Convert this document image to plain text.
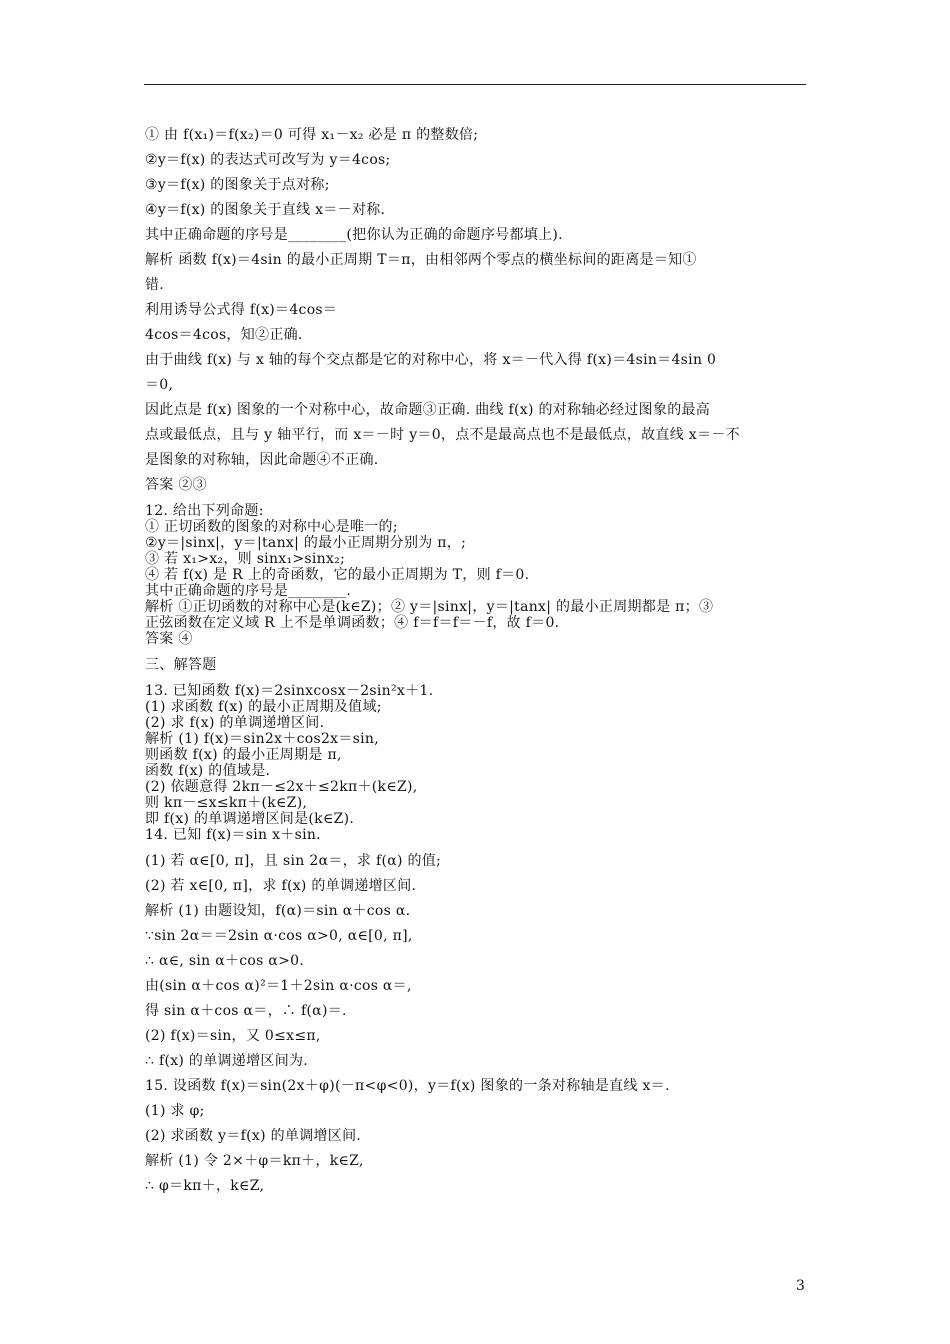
① 由 f(x₁)＝f(x₂)＝0 可得 x₁－x₂ 必是 π 的整数倍;
②y＝f(x) 的表达式可改写为 y＝4cos;
③y＝f(x) 的图象关于点对称;
④y＝f(x) 的图象关于直线 x＝－对称.
其中正确命题的序号是________(把你认为正确的命题序号都填上).
解析 函数 f(x)＝4sin 的最小正周期 T＝π，由相邻两个零点的横坐标间的距离是＝知①
错.
利用诱导公式得 f(x)＝4cos＝
4cos＝4cos，知②正确.
由于曲线 f(x) 与 x 轴的每个交点都是它的对称中心，将 x＝－代入得 f(x)＝4sin＝4sin 0
＝0,
因此点是 f(x) 图象的一个对称中心，故命题③正确. 曲线 f(x) 的对称轴必经过图象的最高
点或最低点，且与 y 轴平行，而 x＝－时 y＝0，点不是最高点也不是最低点，故直线 x＝－不
是图象的对称轴，因此命题④不正确.
答案 ②③
12. 给出下列命题:
① 正切函数的图象的对称中心是唯一的;
②y＝|sinx|，y＝|tanx| 的最小正周期分别为 π，;
③ 若 x₁>x₂，则 sinx₁>sinx₂;
④ 若 f(x) 是 R 上的奇函数，它的最小正周期为 T，则 f＝0.
其中正确命题的序号是________.
解析 ①正切函数的对称中心是(k∈Z)；② y＝|sinx|，y＝|tanx| 的最小正周期都是 π；③
正弦函数在定义域 R 上不是单调函数；④ f＝f＝f＝－f，故 f＝0.
答案 ④
三、解答题
13. 已知函数 f(x)＝2sinxcosx－2sin²x＋1.
(1) 求函数 f(x) 的最小正周期及值域;
(2) 求 f(x) 的单调递增区间.
解析 (1) f(x)＝sin2x＋cos2x＝sin,
则函数 f(x) 的最小正周期是 π,
函数 f(x) 的值域是.
(2) 依题意得 2kπ－≤2x＋≤2kπ＋(k∈Z),
则 kπ－≤x≤kπ＋(k∈Z),
即 f(x) 的单调递增区间是(k∈Z).
14. 已知 f(x)＝sin x＋sin.
(1) 若 α∈[0, π]，且 sin 2α＝，求 f(α) 的值;
(2) 若 x∈[0, π]，求 f(x) 的单调递增区间.
解析 (1) 由题设知，f(α)＝sin α＋cos α.
∵sin 2α＝＝2sin α·cos α>0, α∈[0, π],
∴ α∈, sin α＋cos α>0.
由(sin α＋cos α)²＝1＋2sin α·cos α＝,
得 sin α＋cos α＝，∴ f(α)＝.
(2) f(x)＝sin，又 0≤x≤π,
∴ f(x) 的单调递增区间为.
15. 设函数 f(x)＝sin(2x＋φ)(－π<φ<0)，y＝f(x) 图象的一条对称轴是直线 x＝.
(1) 求 φ;
(2) 求函数 y＝f(x) 的单调增区间.
解析 (1) 令 2×＋φ＝kπ＋，k∈Z,
∴ φ＝kπ＋，k∈Z,
3
